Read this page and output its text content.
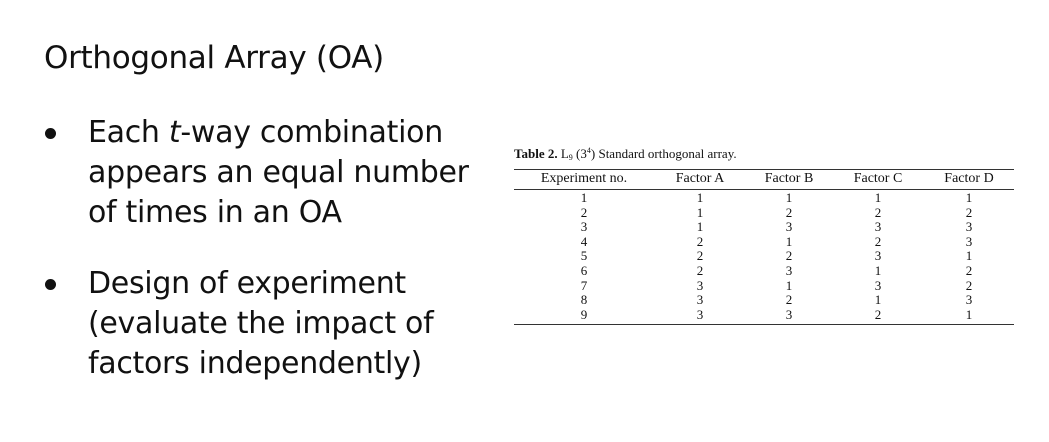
Orthogonal Array (OA)
Each t-way combination
appears an equal number
of times in an OA
Design of experiment
(evaluate the impact of
factors independently)
Table 2. $L_9$ $(3^4)$ Standard orthogonal array.
Experiment no.	Factor A	Factor B	Factor C	Factor D
1	1	1	1	1
2	1	2	2	2
3	1	3	3	3
4	2	1	2	3
5	2	2	3	1
6	2	3	1	2
7	3	1	3	2
8	3	2	1	3
9	3	3	2	1
